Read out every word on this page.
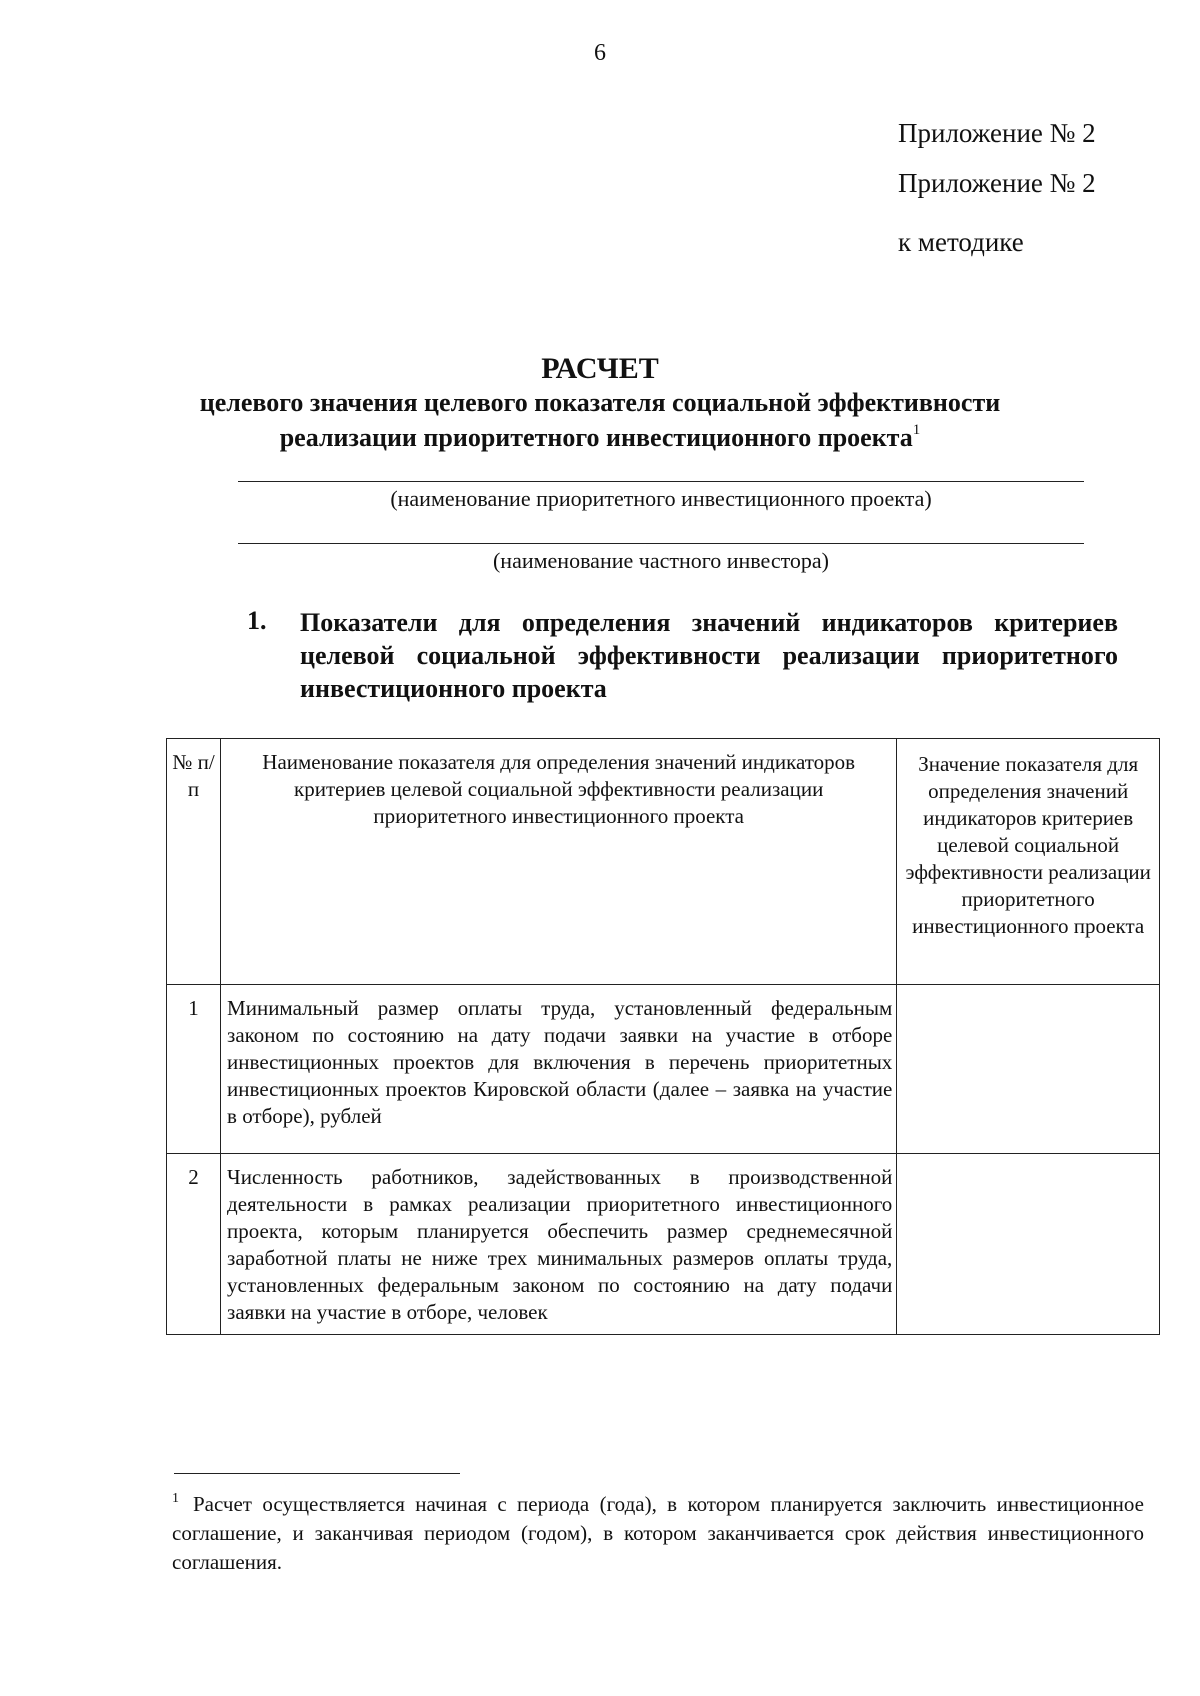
6
Приложение № 2
Приложение № 2
к методике
РАСЧЕТ
целевого значения целевого показателя социальной эффективности
реализации приоритетного инвестиционного проекта$^1$
(наименование приоритетного инвестиционного проекта)
(наименование частного инвестора)
1. Показатели для определения значений индикаторов критериев целевой социальной эффективности реализации приоритетного инвестиционного проекта
№ п/п	Наименование показателя для определения значений индикаторов критериев целевой социальной эффективности реализации приоритетного инвестиционного проекта	Значение показателя для определения значений индикаторов критериев целевой социальной эффективности реализации приоритетного инвестиционного проекта
1	Минимальный размер оплаты труда, установленный федеральным законом по состоянию на дату подачи заявки на участие в отборе инвестиционных проектов для включения в перечень приоритетных инвестиционных проектов Кировской области (далее – заявка на участие в отборе), рублей	
2	Численность работников, задействованных в производственной деятельности в рамках реализации приоритетного инвестиционного проекта, которым планируется обеспечить размер среднемесячной заработной платы не ниже трех минимальных размеров оплаты труда, установленных федеральным законом по состоянию на дату подачи заявки на участие в отборе, человек	
$^1$ Расчет осуществляется начиная с периода (года), в котором планируется заключить инвестиционное соглашение, и заканчивая периодом (годом), в котором заканчивается срок действия инвестиционного соглашения.
